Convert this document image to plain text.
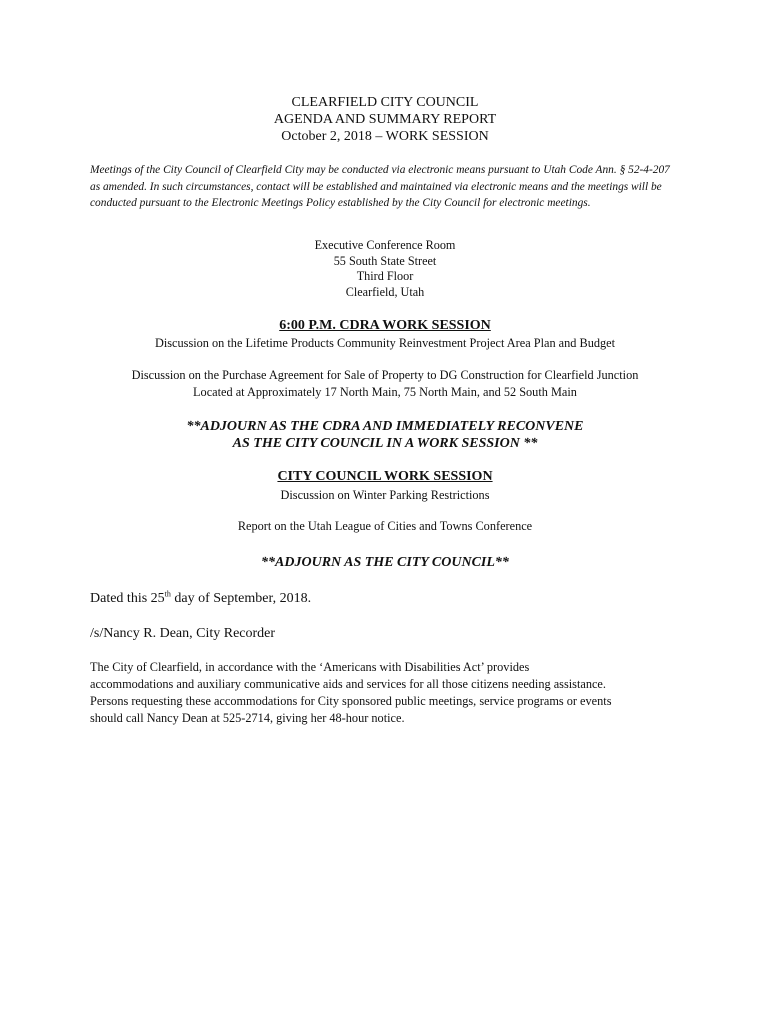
CLEARFIELD CITY COUNCIL
AGENDA AND SUMMARY REPORT
October 2, 2018 – WORK SESSION
Meetings of the City Council of Clearfield City may be conducted via electronic means pursuant to Utah Code Ann. § 52-4-207 as amended. In such circumstances, contact will be established and maintained via electronic means and the meetings will be conducted pursuant to the Electronic Meetings Policy established by the City Council for electronic meetings.
Executive Conference Room
55 South State Street
Third Floor
Clearfield, Utah
6:00 P.M. CDRA WORK SESSION
Discussion on the Lifetime Products Community Reinvestment Project Area Plan and Budget
Discussion on the Purchase Agreement for Sale of Property to DG Construction for Clearfield Junction
Located at Approximately 17 North Main, 75 North Main, and 52 South Main
**ADJOURN AS THE CDRA AND IMMEDIATELY RECONVENE
AS THE CITY COUNCIL IN A WORK SESSION **
CITY COUNCIL WORK SESSION
Discussion on Winter Parking Restrictions
Report on the Utah League of Cities and Towns Conference
**ADJOURN AS THE CITY COUNCIL**
Dated this 25th day of September, 2018.
/s/Nancy R. Dean, City Recorder
The City of Clearfield, in accordance with the ‘Americans with Disabilities Act’ provides
accommodations and auxiliary communicative aids and services for all those citizens needing assistance.
Persons requesting these accommodations for City sponsored public meetings, service programs or events
should call Nancy Dean at 525-2714, giving her 48-hour notice.
